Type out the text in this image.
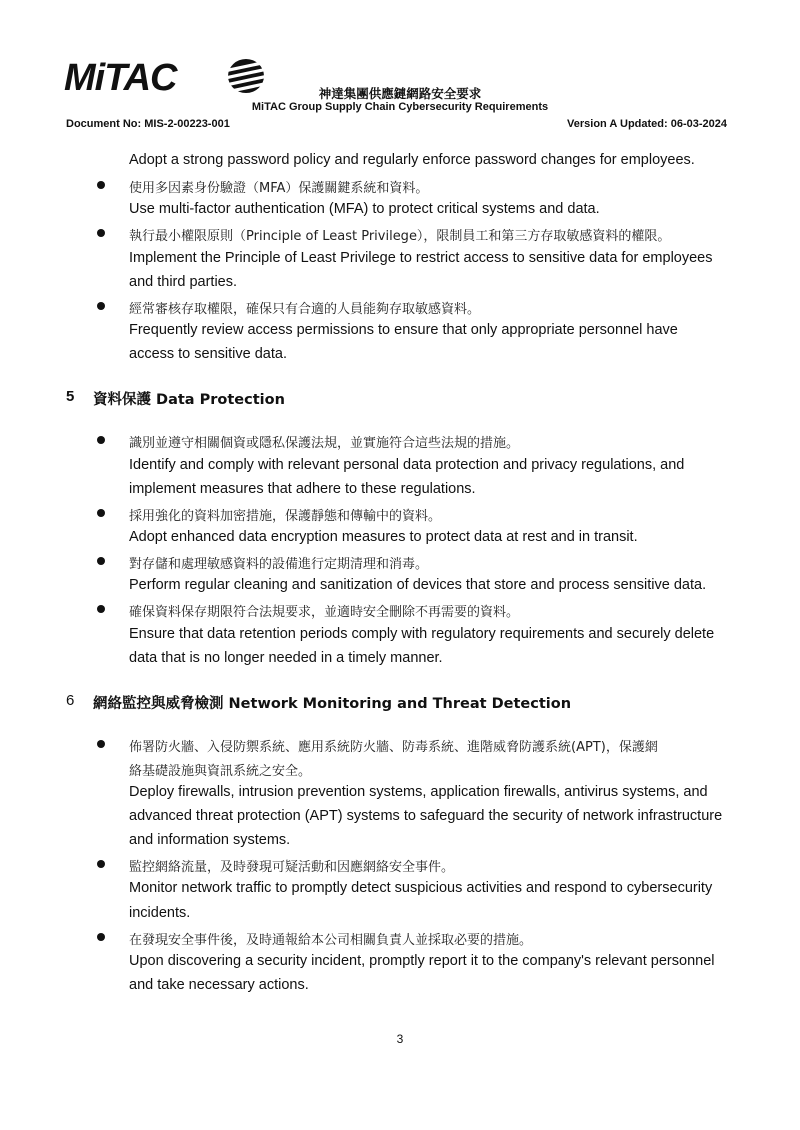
MiTAC	神達集團供應鏈網路安全要求
MiTAC Group Supply Chain Cybersecurity Requirements
Document No: MIS-2-00223-001	Version A Updated: 06-03-2024
Adopt a strong password policy and regularly enforce password changes for employees.
使用多因素身份驗證（MFA）保護關鍵系統和資料。
Use multi-factor authentication (MFA) to protect critical systems and data.
執行最小權限原則（Principle of Least Privilege），限制員工和第三方存取敏感資料的權限。
Implement the Principle of Least Privilege to restrict access to sensitive data for employees
and third parties.
經常審核存取權限，確保只有合適的人員能夠存取敏感資料。
Frequently review access permissions to ensure that only appropriate personnel have
access to sensitive data.
5 資料保護 Data Protection
識別並遵守相關個資或隱私保護法規，並實施符合這些法規的措施。
Identify and comply with relevant personal data protection and privacy regulations, and
implement measures that adhere to these regulations.
採用強化的資料加密措施，保護靜態和傳輸中的資料。
Adopt enhanced data encryption measures to protect data at rest and in transit.
對存儲和處理敏感資料的設備進行定期清理和消毒。
Perform regular cleaning and sanitization of devices that store and process sensitive data.
確保資料保存期限符合法規要求，並適時安全刪除不再需要的資料。
Ensure that data retention periods comply with regulatory requirements and securely delete
data that is no longer needed in a timely manner.
6 網絡監控與威脅檢測 Network Monitoring and Threat Detection
佈署防火牆、入侵防禦系統、應用系統防火牆、防毒系統、進階威脅防護系統(APT)，保護網
絡基礎設施與資訊系統之安全。
Deploy firewalls, intrusion prevention systems, application firewalls, antivirus systems, and
advanced threat protection (APT) systems to safeguard the security of network infrastructure
and information systems.
監控網絡流量，及時發現可疑活動和因應網絡安全事件。
Monitor network traffic to promptly detect suspicious activities and respond to cybersecurity
incidents.
在發現安全事件後，及時通報給本公司相關負責人並採取必要的措施。
Upon discovering a security incident, promptly report it to the company's relevant personnel
and take necessary actions.
3
